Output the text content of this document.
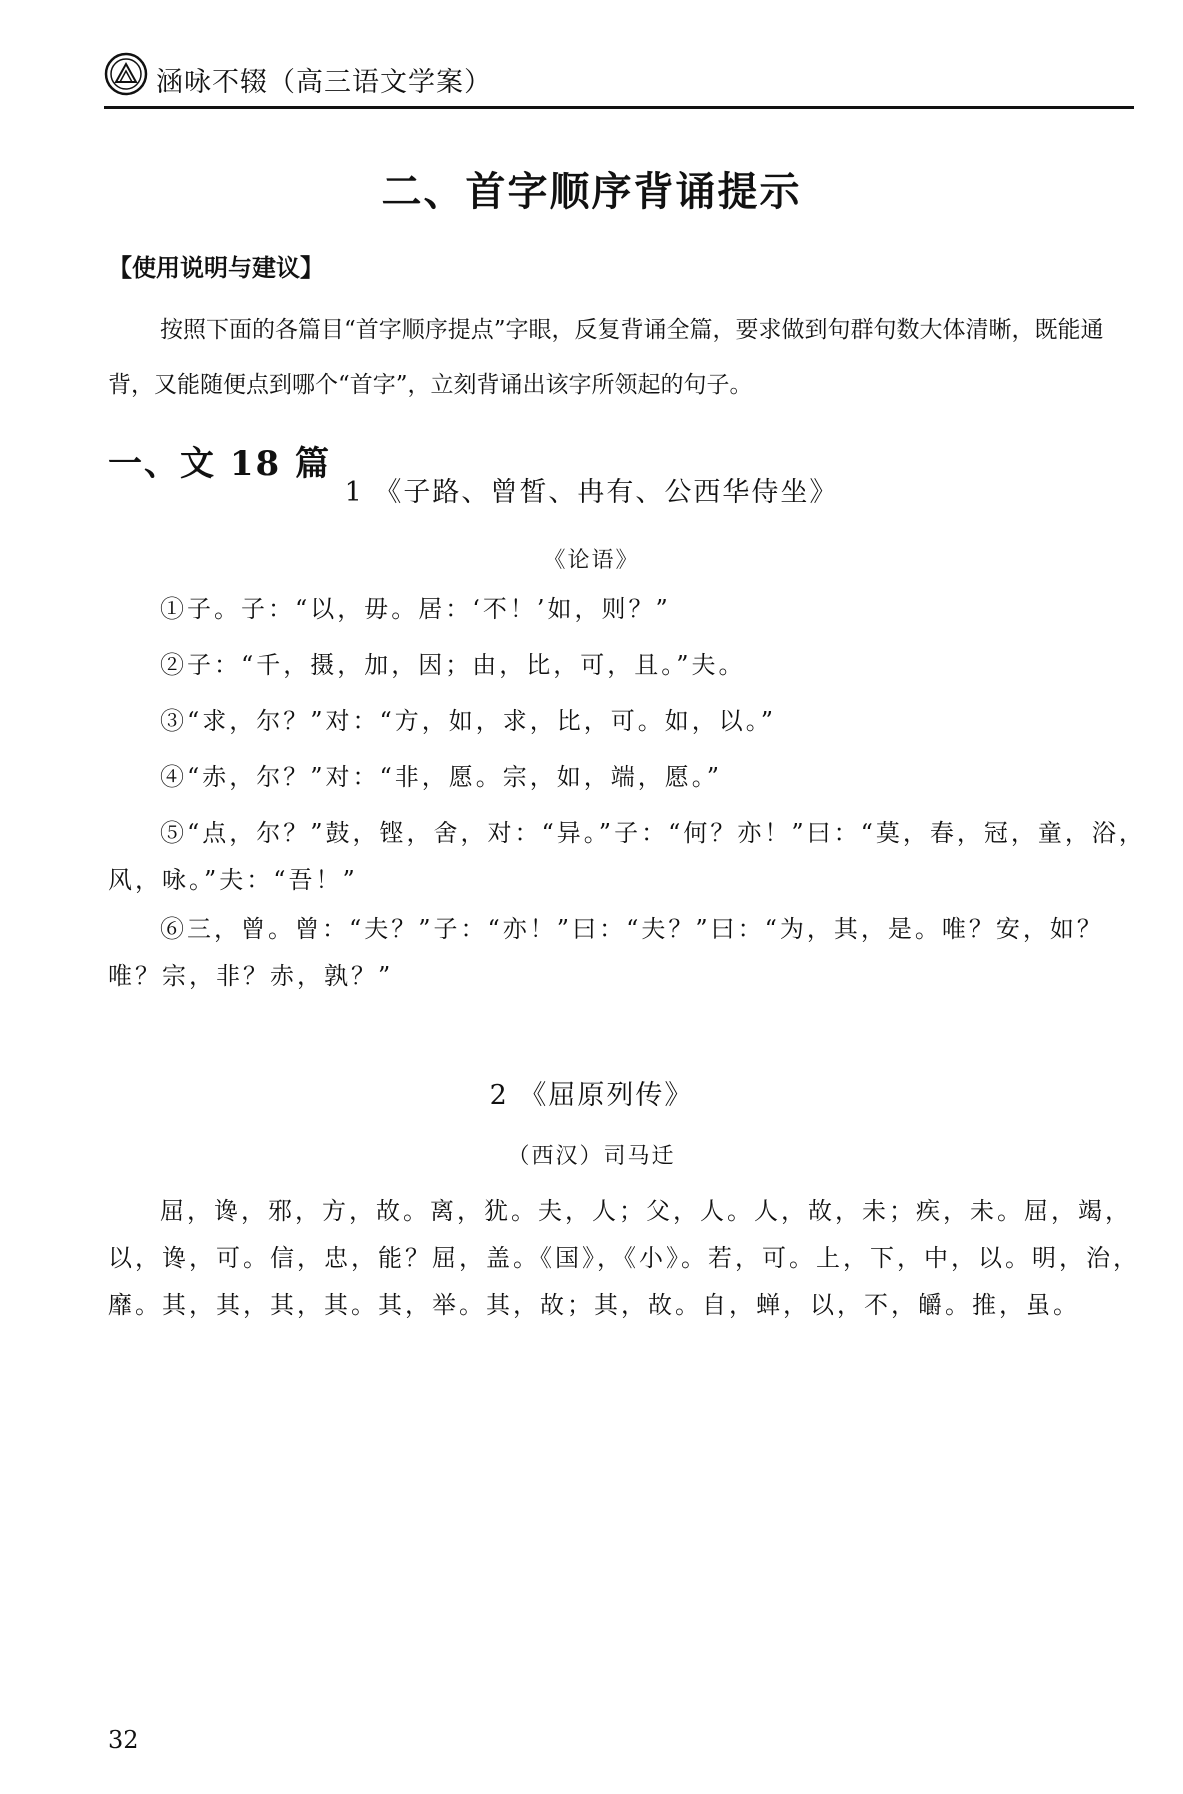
涵咏不辍（高三语文学案）
二、首字顺序背诵提示
【使用说明与建议】
按照下面的各篇目“首字顺序提点”字眼，反复背诵全篇，要求做到句群句数大体清晰，既能通背，又能随便点到哪个“首字”，立刻背诵出该字所领起的句子。
一、文 18 篇
1 《子路、曾皙、冉有、公西华侍坐》
《论语》
①子。子：“以，毋。居：‘不！’如，则？”
②子：“千，摄，加，因；由，比，可，且。”夫。
③“求，尔？”对：“方，如，求，比，可。如，以。”
④“赤，尔？”对：“非，愿。宗，如，端，愿。”
⑤“点，尔？”鼓，铿，舍，对：“异。”子：“何？亦！”曰：“莫，春，冠，童，浴，风，咏。”夫：“吾！”
⑥三，曾。曾：“夫？”子：“亦！”曰：“夫？”曰：“为，其，是。唯？安，如？唯？宗，非？赤，孰？”
2 《屈原列传》
（西汉）司马迁
屈，谗，邪，方，故。离，犹。夫，人；父，人。人，故，未；疾，未。屈，竭，以，谗，可。信，忠，能？屈，盖。《国》，《小》。若，可。上，下，中，以。明，治，靡。其，其，其，其。其，举。其，故；其，故。自，蝉，以，不，皭。推，虽。
32
